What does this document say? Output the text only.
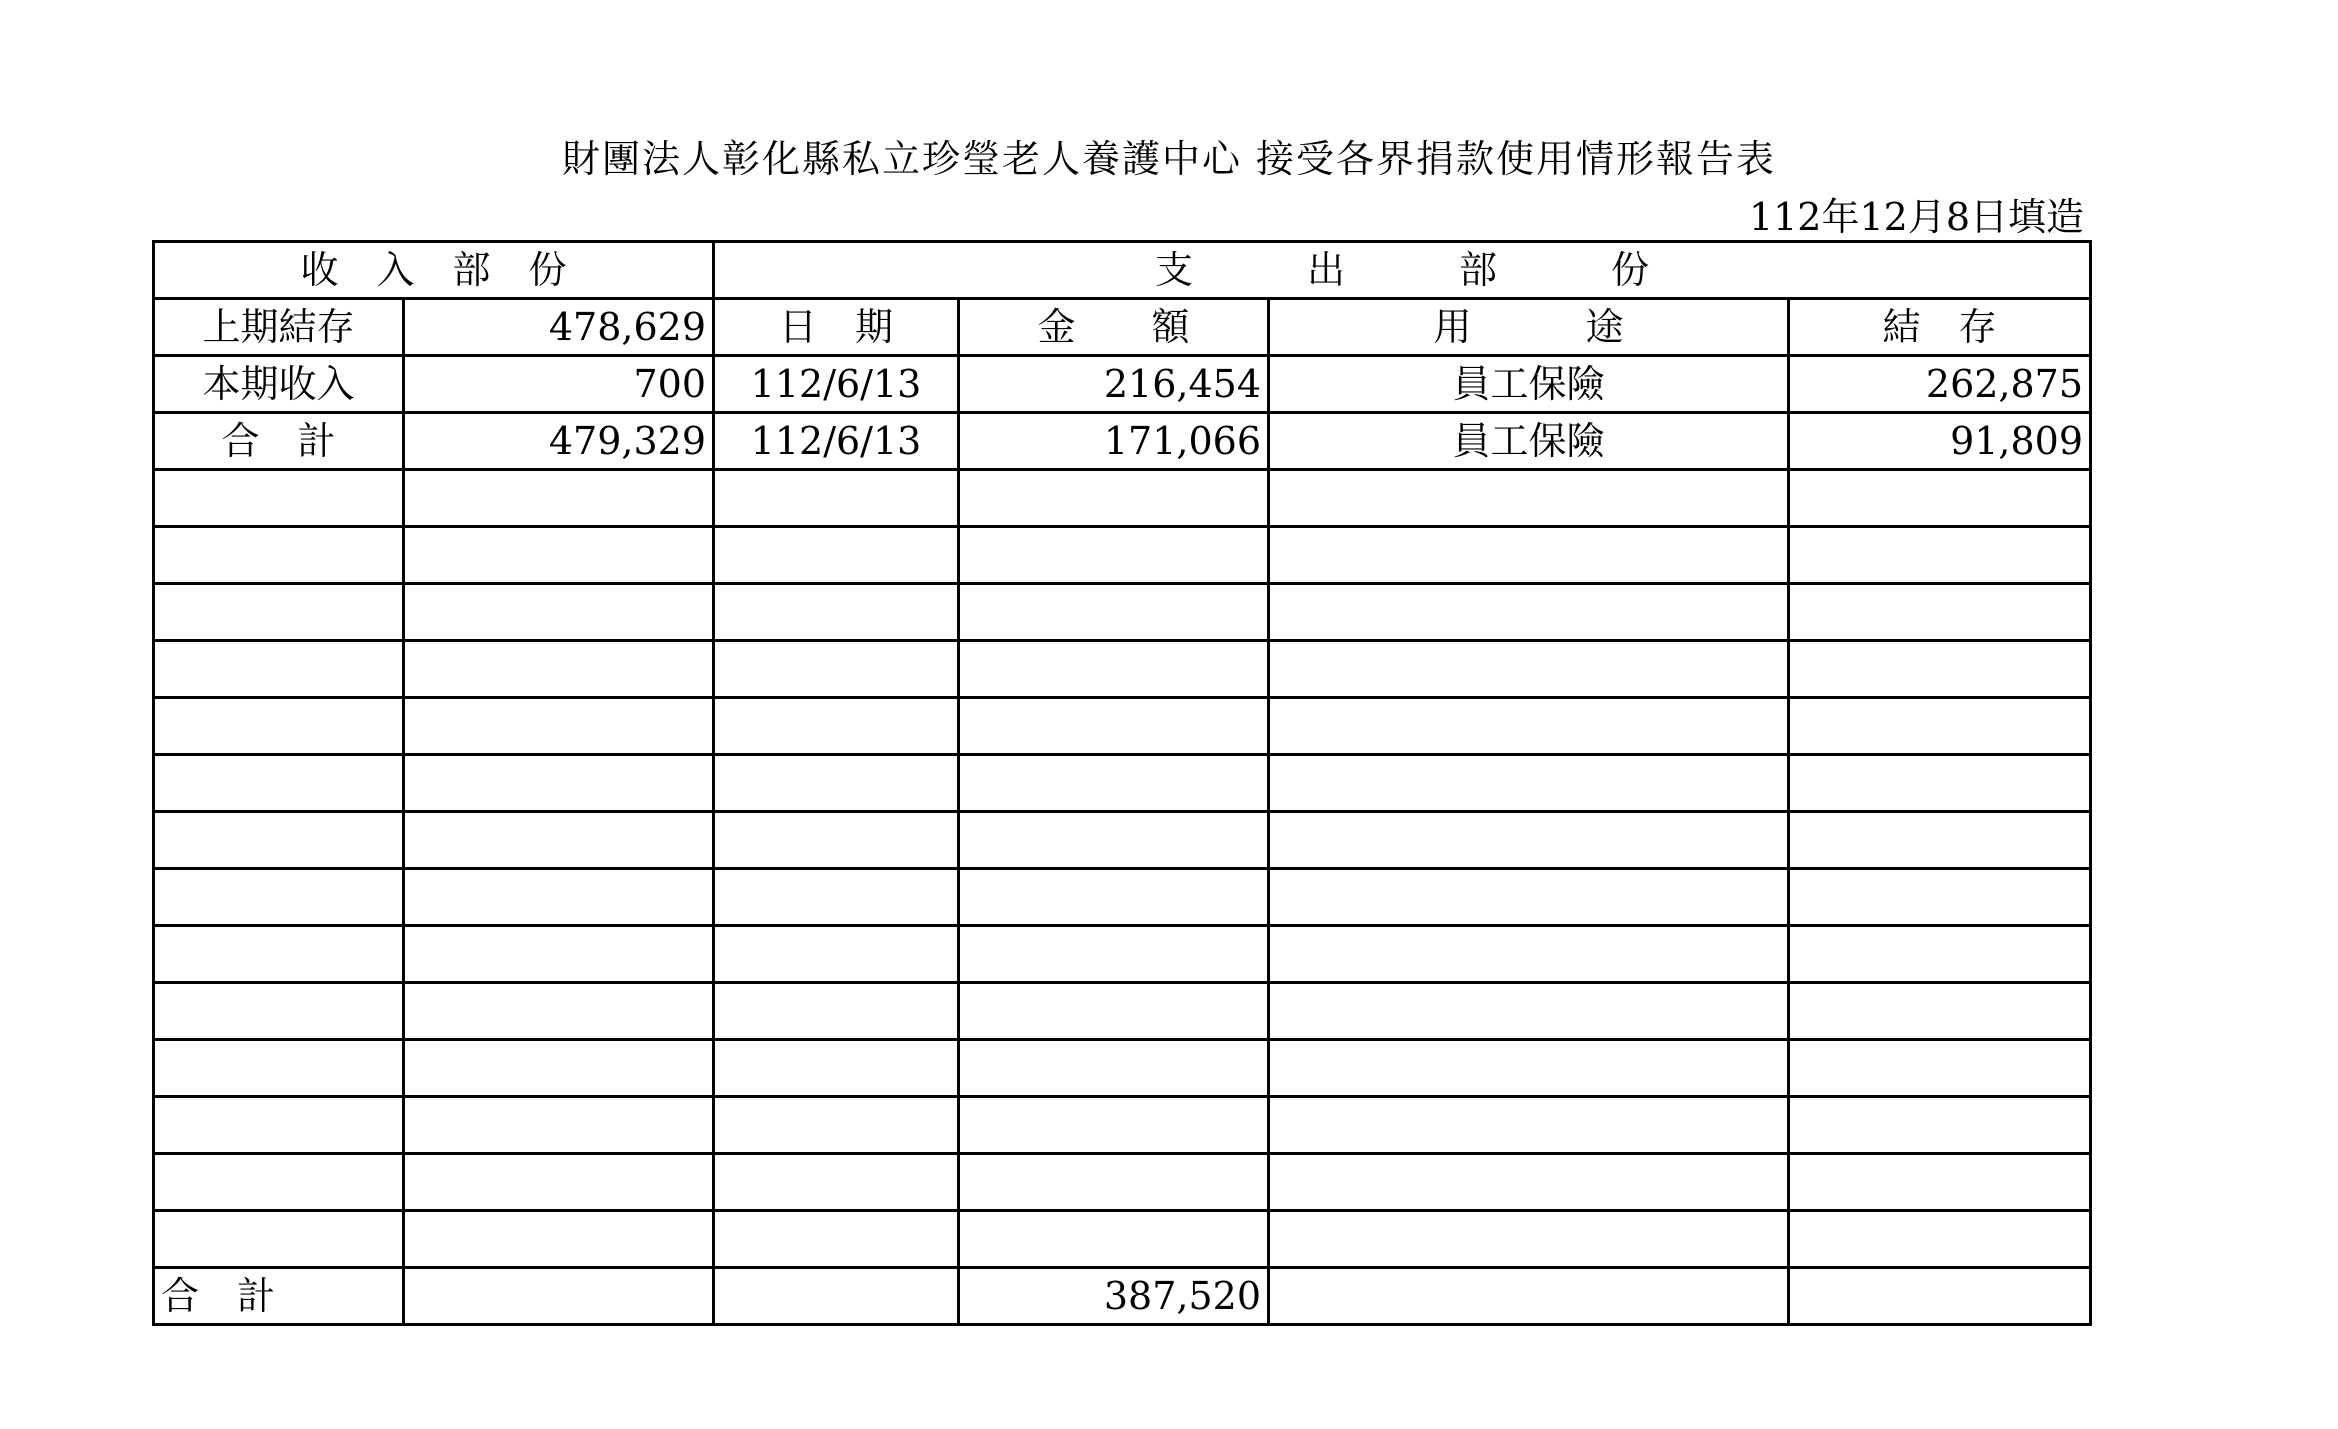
財團法人彰化縣私立珍瑩老人養護中心 接受各界捐款使用情形報告表
112年12月8日填造
收　入　部　份		支　　　出　　　部　　　份			
上期結存	478,629	日　期	金　　額	用　　　途	結　存
本期收入	700	112/6/13	216,454	員工保險	262,875
合　計	479,329	112/6/13	171,066	員工保險	91,809

合　計			387,520		
